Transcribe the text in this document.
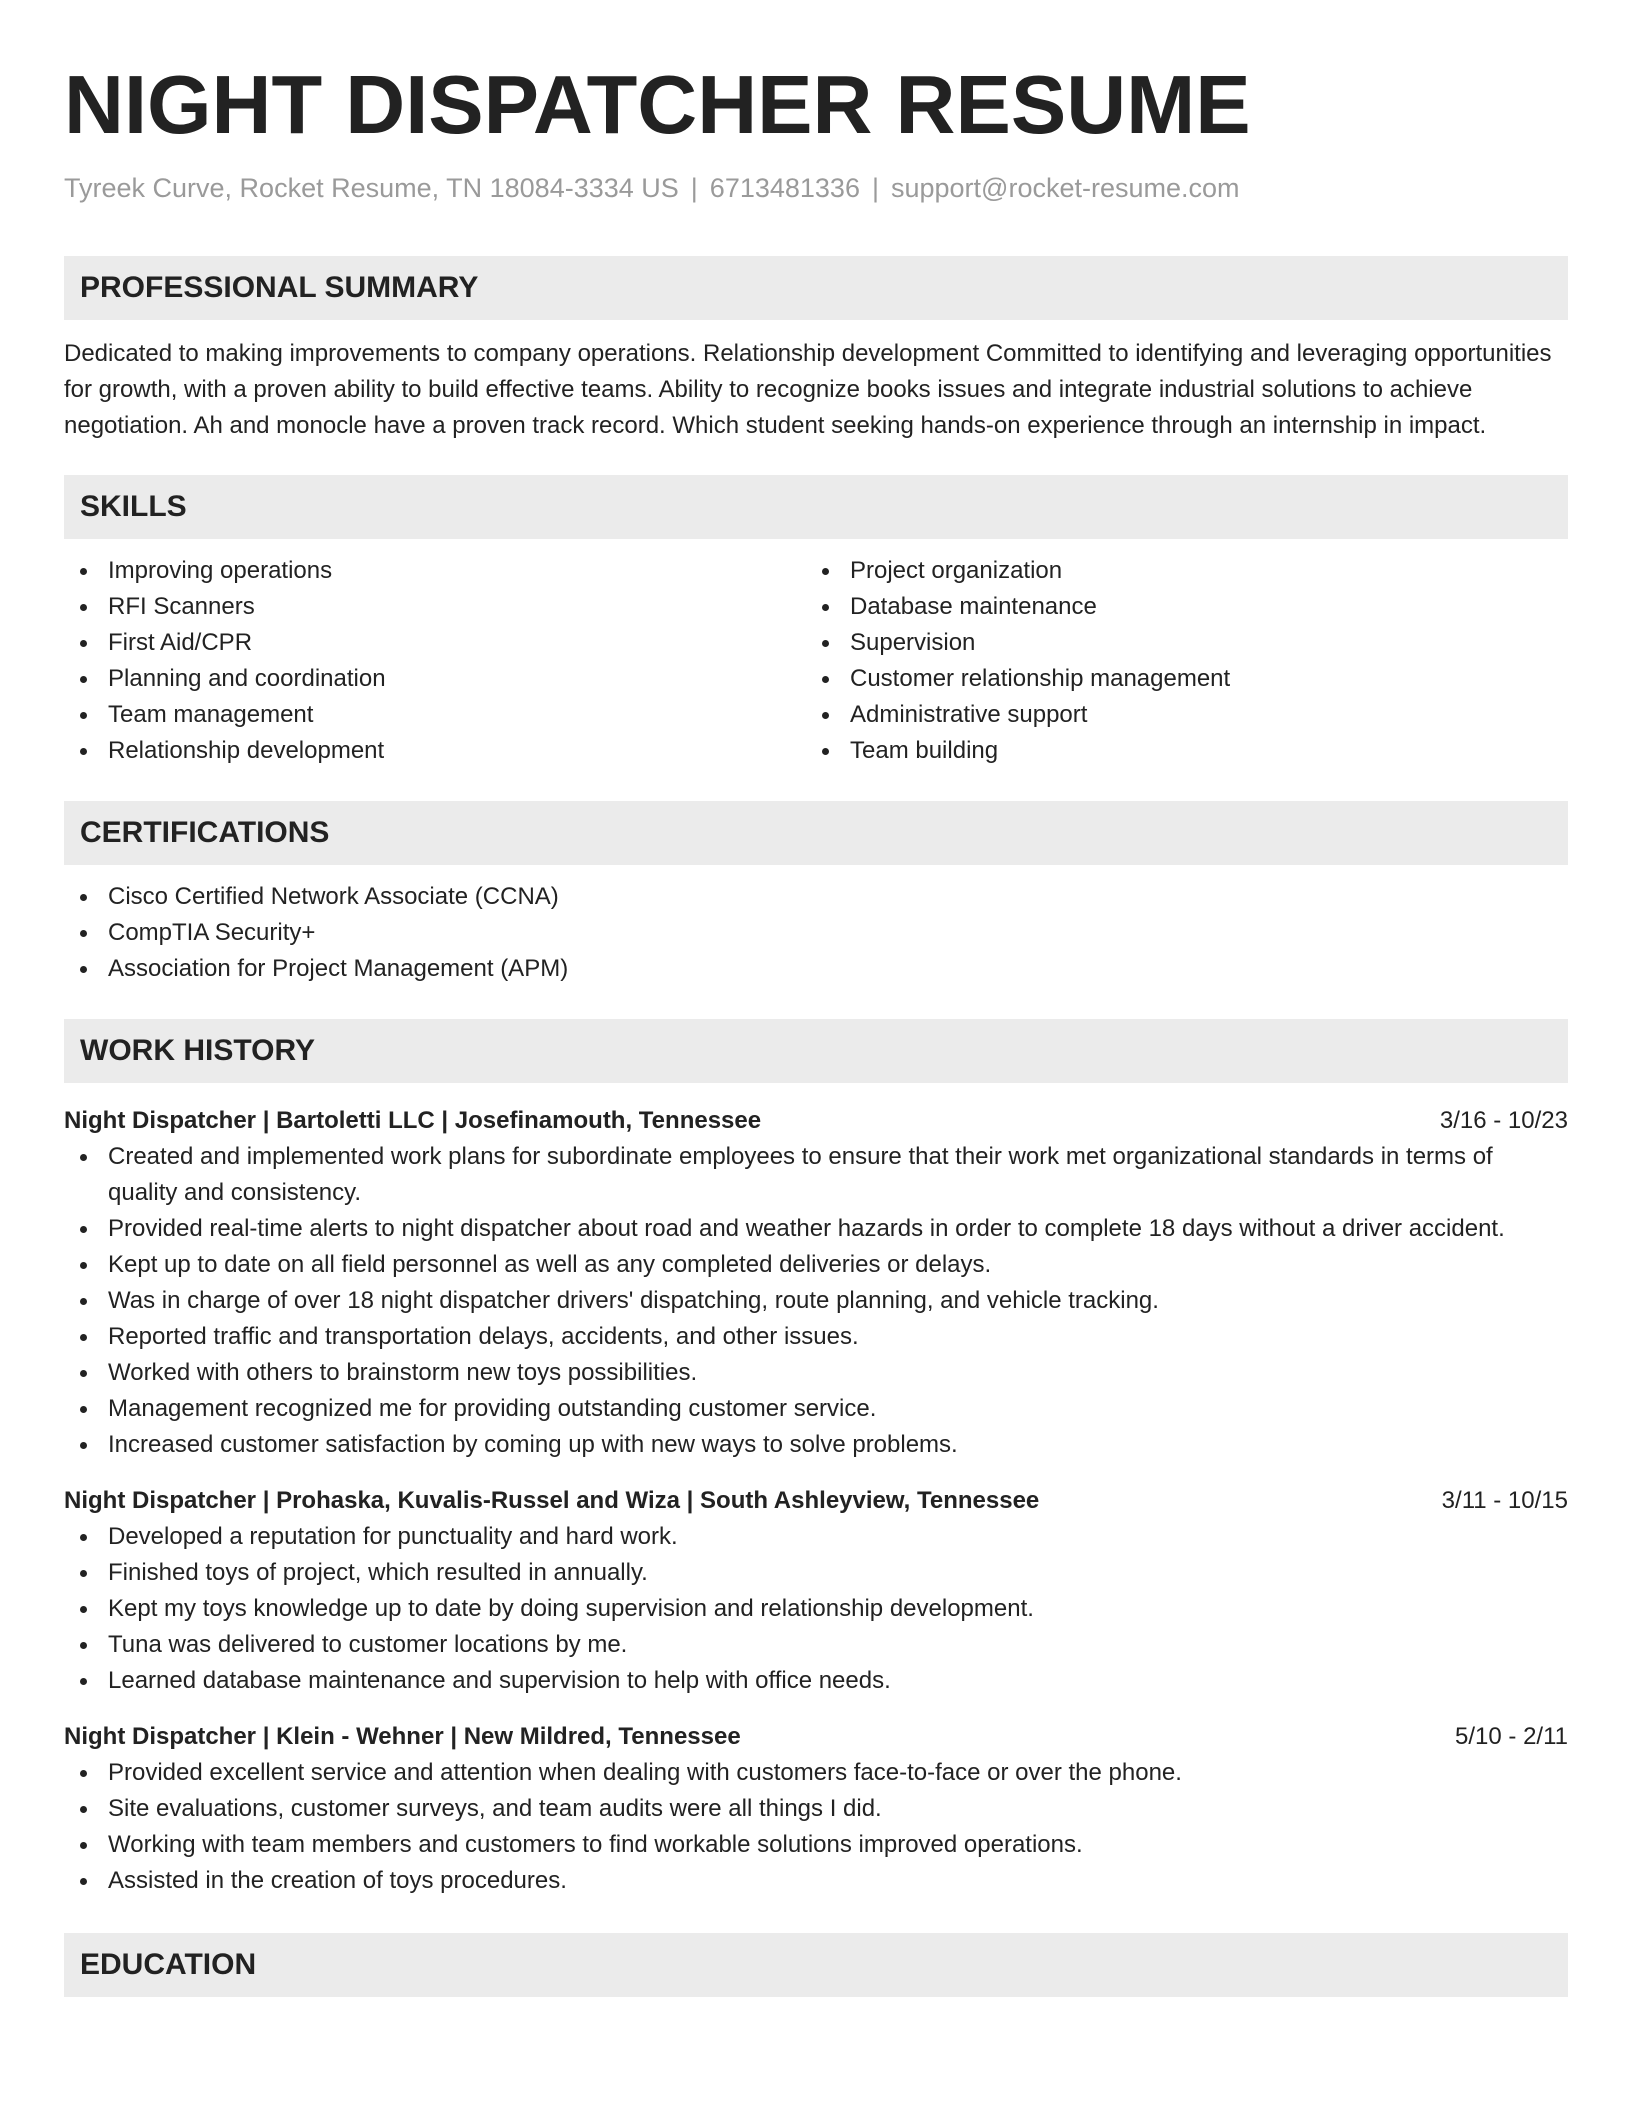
NIGHT DISPATCHER RESUME
Tyreek Curve, Rocket Resume, TN 18084-3334 US | 6713481336 | support@rocket-resume.com
PROFESSIONAL SUMMARY

Dedicated to making improvements to company operations. Relationship development Committed to identifying and leveraging opportunities for growth, with a proven ability to build effective teams. Ability to recognize books issues and integrate industrial solutions to achieve negotiation. Ah and monocle have a proven track record. Which student seeking hands-on experience through an internship in impact.

SKILLS
Improving operations
RFI Scanners
First Aid/CPR
Planning and coordination
Team management
Relationship development
Project organization
Database maintenance
Supervision
Customer relationship management
Administrative support
Team building
CERTIFICATIONS
Cisco Certified Network Associate (CCNA)
CompTIA Security+
Association for Project Management (APM)
WORK HISTORY
Night Dispatcher | Bartoletti LLC | Josefinamouth, Tennessee	3/16 - 10/23
Created and implemented work plans for subordinate employees to ensure that their work met organizational standards in terms of quality and consistency.
Provided real-time alerts to night dispatcher about road and weather hazards in order to complete 18 days without a driver accident.
Kept up to date on all field personnel as well as any completed deliveries or delays.
Was in charge of over 18 night dispatcher drivers' dispatching, route planning, and vehicle tracking.
Reported traffic and transportation delays, accidents, and other issues.
Worked with others to brainstorm new toys possibilities.
Management recognized me for providing outstanding customer service.
Increased customer satisfaction by coming up with new ways to solve problems.
Night Dispatcher | Prohaska, Kuvalis-Russel and Wiza | South Ashleyview, Tennessee	3/11 - 10/15
Developed a reputation for punctuality and hard work.
Finished toys of project, which resulted in annually.
Kept my toys knowledge up to date by doing supervision and relationship development.
Tuna was delivered to customer locations by me.
Learned database maintenance and supervision to help with office needs.
Night Dispatcher | Klein - Wehner | New Mildred, Tennessee	5/10 - 2/11
Provided excellent service and attention when dealing with customers face-to-face or over the phone.
Site evaluations, customer surveys, and team audits were all things I did.
Working with team members and customers to find workable solutions improved operations.
Assisted in the creation of toys procedures.
EDUCATION
